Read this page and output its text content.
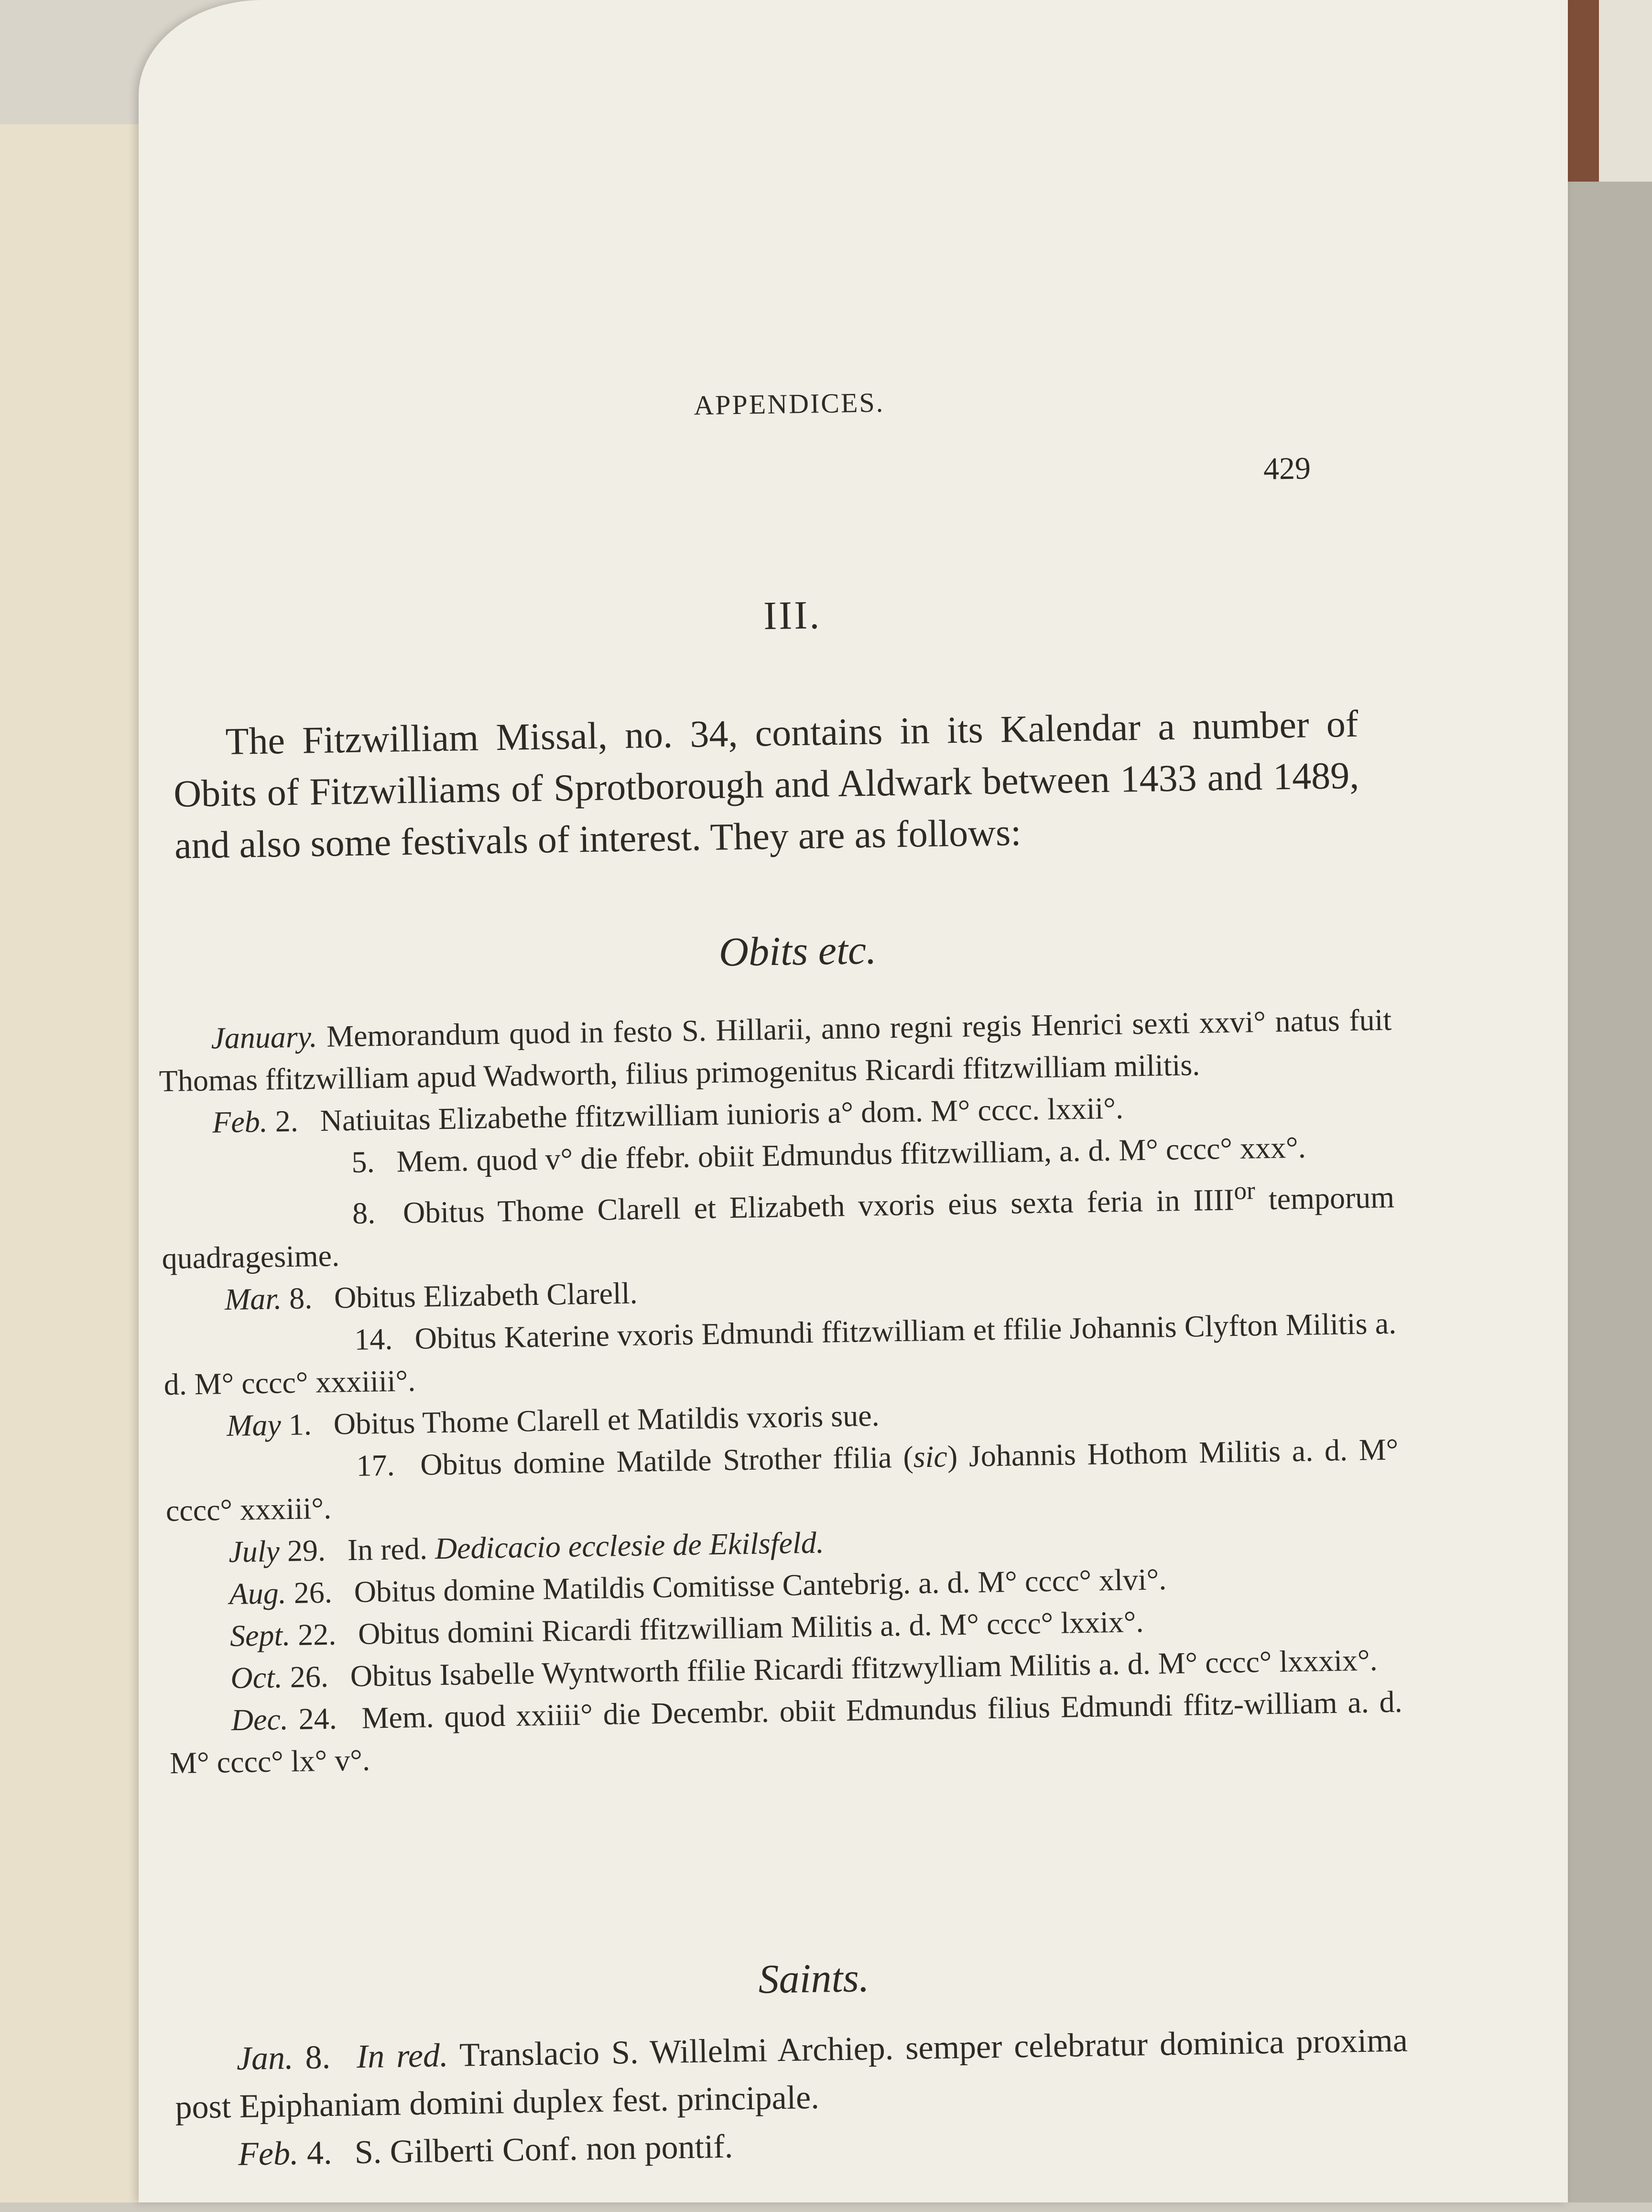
APPENDICES.
429
III.

The Fitzwilliam Missal, no. 34, contains in its Kalendar a number of Obits of Fitzwilliams of Sprotborough and Aldwark between 1433 and 1489, and also some festivals of interest. They are as follows:

Obits etc.
January. Memorandum quod in festo S. Hillarii, anno regni regis Henrici sexti xxvi° natus fuit Thomas ffitzwilliam apud Wadworth, filius primogenitus Ricardi ffitzwilliam militis.
Feb. 2. Natiuitas Elizabethe ffitzwilliam iunioris a° dom. M° cccc. lxxii°.
5. Mem. quod v° die ffebr. obiit Edmundus ffitzwilliam, a. d. M° cccc° xxx°.
8. Obitus Thome Clarell et Elizabeth vxoris eius sexta feria in $IIII^{or}$ temporum quadragesime.
Mar. 8. Obitus Elizabeth Clarell.
14. Obitus Katerine vxoris Edmundi ffitzwilliam et ffilie Johannis Clyfton Militis a. d. M° cccc° xxxiiii°.
May 1. Obitus Thome Clarell et Matildis vxoris sue.
17. Obitus domine Matilde Strother ffilia (sic) Johannis Hothom Militis a. d. M° cccc° xxxiii°.
July 29. In red. Dedicacio ecclesie de Ekilsfeld.
Aug. 26. Obitus domine Matildis Comitisse Cantebrig. a. d. M° cccc° xlvi°.
Sept. 22. Obitus domini Ricardi ffitzwilliam Militis a. d. M° cccc° lxxix°.
Oct. 26. Obitus Isabelle Wyntworth ffilie Ricardi ffitzwylliam Militis a. d. M° cccc° lxxxix°.
Dec. 24. Mem. quod xxiiii° die Decembr. obiit Edmundus filius Edmundi ffitz-william a. d. M° cccc° lx° v°.
Saints.
Jan. 8. In red. Translacio S. Willelmi Archiep. semper celebratur dominica proxima post Epiphaniam domini duplex fest. principale.
Feb. 4. S. Gilberti Conf. non pontif.
